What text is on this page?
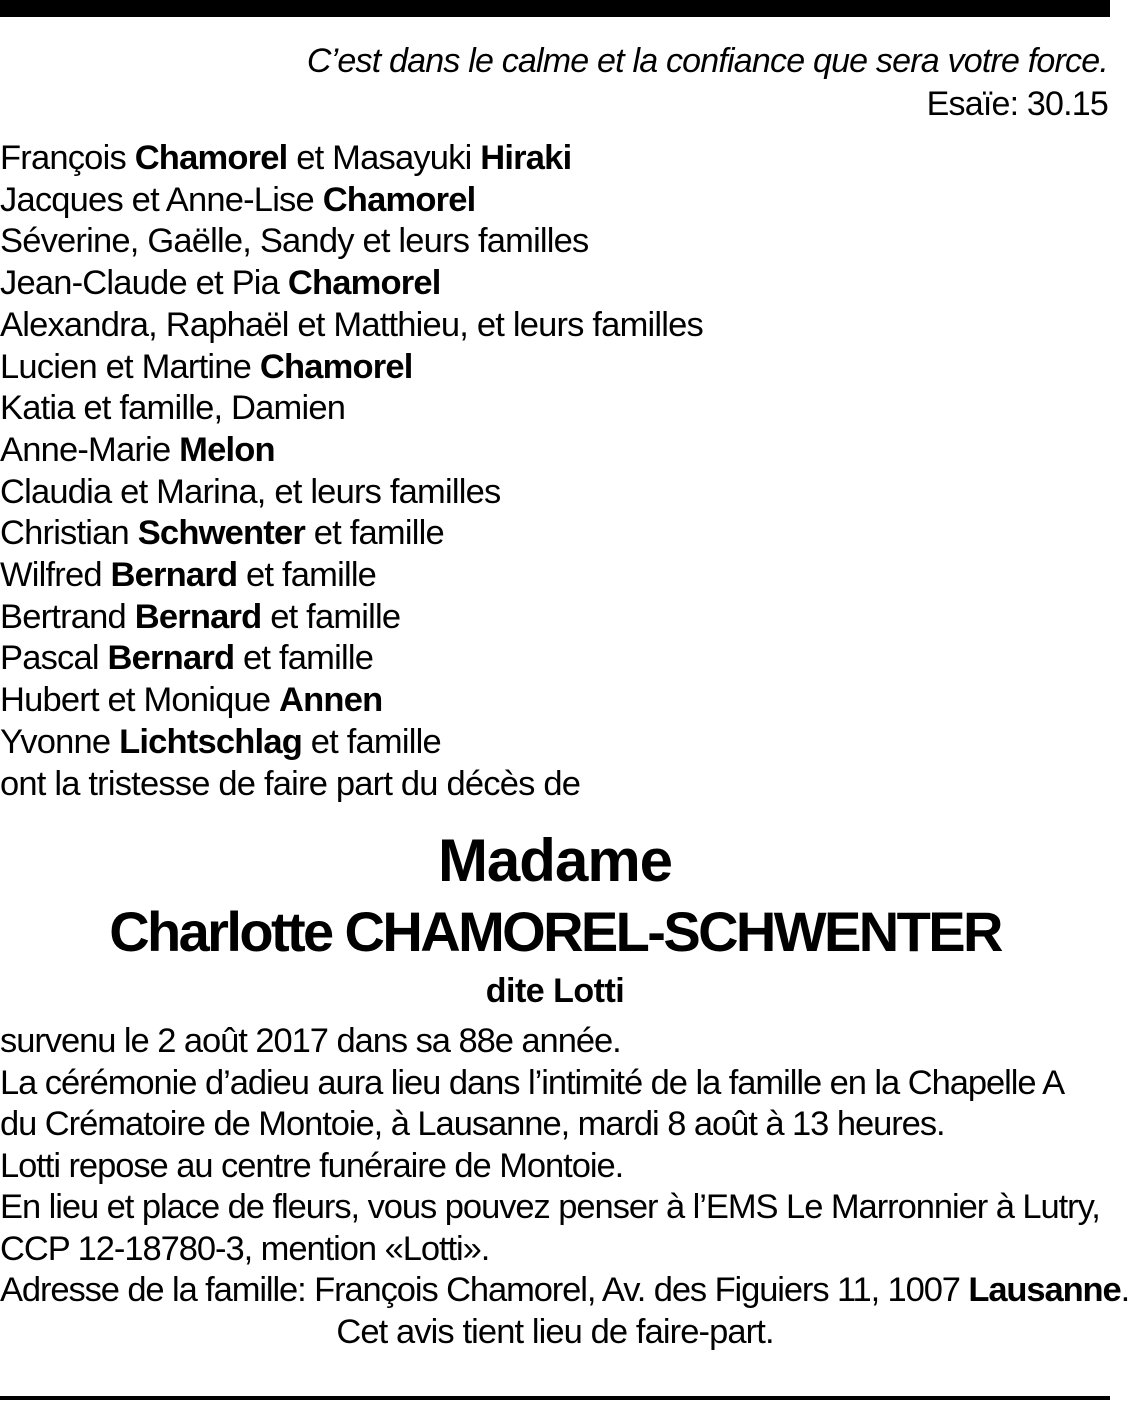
C’est dans le calme et la confiance que sera votre force.
Esaïe: 30.15
François Chamorel et Masayuki Hiraki
Jacques et Anne-Lise Chamorel
Séverine, Gaëlle, Sandy et leurs familles
Jean-Claude et Pia Chamorel
Alexandra, Raphaël et Matthieu, et leurs familles
Lucien et Martine Chamorel
Katia et famille, Damien
Anne-Marie Melon
Claudia et Marina, et leurs familles
Christian Schwenter et famille
Wilfred Bernard et famille
Bertrand Bernard et famille
Pascal Bernard et famille
Hubert et Monique Annen
Yvonne Lichtschlag et famille
ont la tristesse de faire part du décès de
Madame
Charlotte CHAMOREL-SCHWENTER
dite Lotti
survenu le 2 août 2017 dans sa 88e année.
La cérémonie d’adieu aura lieu dans l’intimité de la famille en la Chapelle A
du Crématoire de Montoie, à Lausanne, mardi 8 août à 13 heures.
Lotti repose au centre funéraire de Montoie.
En lieu et place de fleurs, vous pouvez penser à l’EMS Le Marronnier à Lutry,
CCP 12-18780-3, mention «Lotti».
Adresse de la famille: François Chamorel, Av. des Figuiers 11, 1007 Lausanne.
Cet avis tient lieu de faire-part.
